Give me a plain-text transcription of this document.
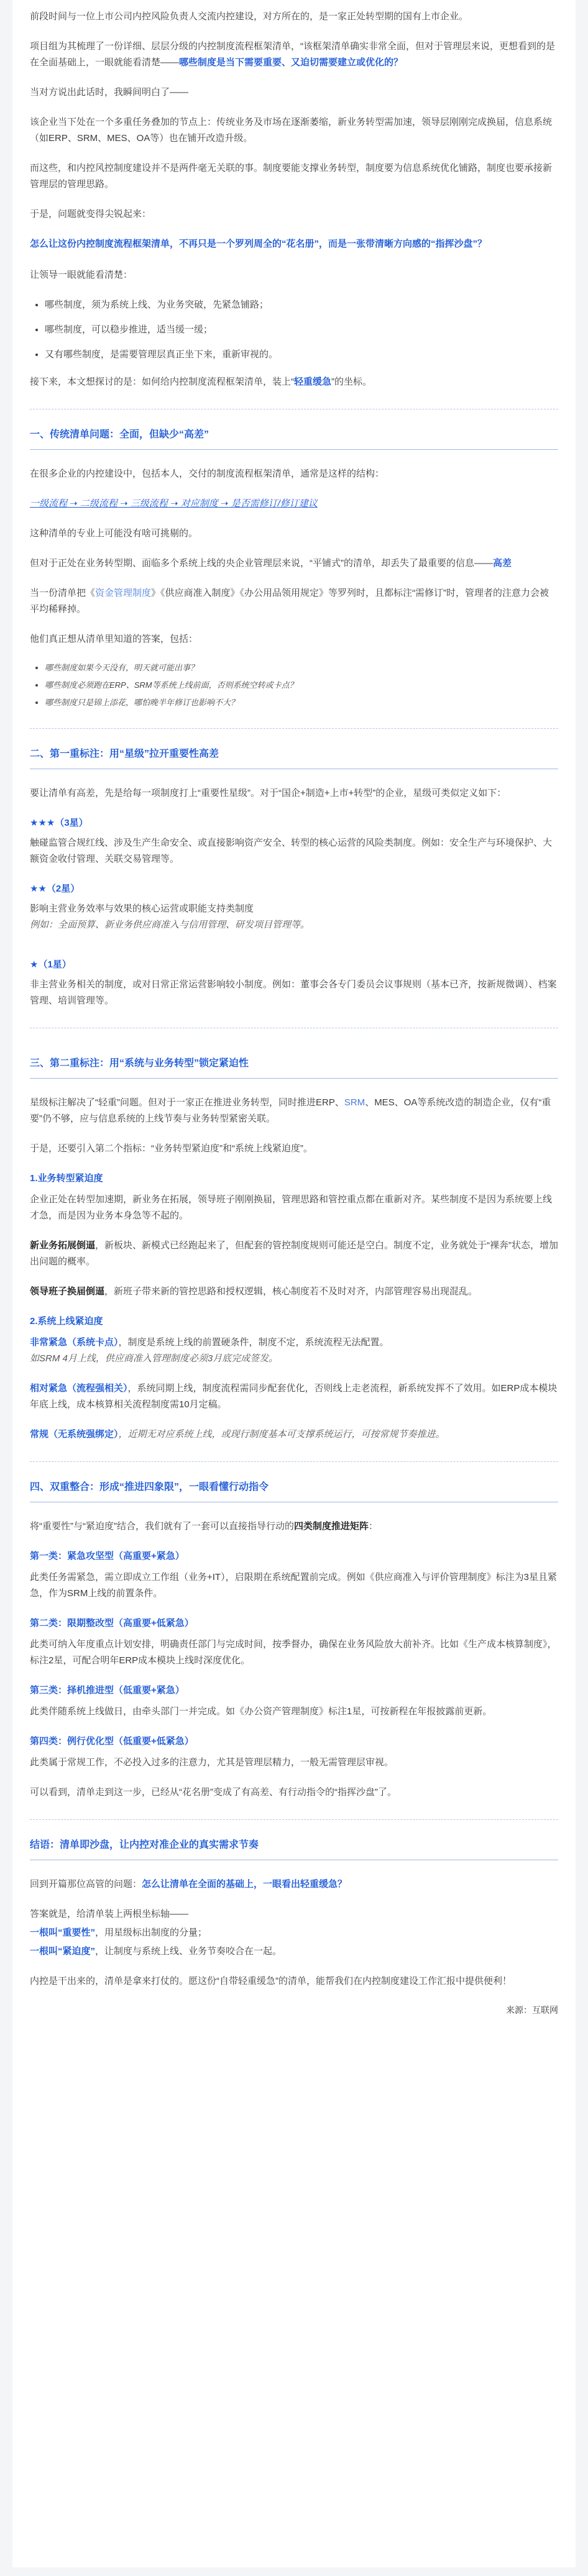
前段时间与一位上市公司内控风险负责人交流内控建设，对方所在的，是一家正处转型期的国有上市企业。

项目组为其梳理了一份详细、层层分级的内控制度流程框架清单，“该框架清单确实非常全面，但对于管理层来说，更想看到的是在全面基础上，一眼就能看清楚——哪些制度是当下需要重要、又迫切需要建立或优化的？

当对方说出此话时，我瞬间明白了——

该企业当下处在一个多重任务叠加的节点上：传统业务及市场在逐渐萎缩，新业务转型需加速，领导层刚刚完成换届，信息系统（如ERP、SRM、MES、OA等）也在铺开改造升级。

而这些，和内控风控制度建设并不是两件毫无关联的事。制度要能支撑业务转型，制度要为信息系统优化铺路，制度也要承接新管理层的管理思路。

于是，问题就变得尖锐起来：

怎么让这份内控制度流程框架清单，不再只是一个罗列周全的“花名册”，而是一张带清晰方向感的“指挥沙盘”？

让领导一眼就能看清楚：

• 哪些制度，须为系统上线、为业务突破，先紧急铺路；
• 哪些制度，可以稳步推进，适当缓一缓；
• 又有哪些制度，是需要管理层真正坐下来，重新审视的。

接下来，本文想探讨的是：如何给内控制度流程框架清单，装上“轻重缓急”的坐标。

一、传统清单问题：全面，但缺少“高差”

在很多企业的内控建设中，包括本人，交付的制度流程框架清单，通常是这样的结构：

一级流程 ➝ 二级流程 ➝ 三级流程 ➝ 对应制度 ➝ 是否需修订/修订建议

这种清单的专业上可能没有啥可挑剔的。

但对于正处在业务转型期、面临多个系统上线的央企业管理层来说，“平铺式”的清单，却丢失了最重要的信息——高差

当一份清单把《资金管理制度》《供应商准入制度》《办公用品领用规定》等罗列时，且都标注“需修订”时，管理者的注意力会被平均稀释掉。

他们真正想从清单里知道的答案，包括：

• 哪些制度如果今天没有，明天就可能出事？
• 哪些制度必须跑在ERP、SRM等系统上线前面，否则系统空转或卡点？
• 哪些制度只是锦上添花，哪怕晚半年修订也影响不大？
二、第一重标注：用“星级”拉开重要性高差

要让清单有高差，先是给每一项制度打上“重要性星级”。对于“国企+制造+上市+转型”的企业，星级可类似定义如下：

★★★（3星）

触碰监管合规红线、涉及生产生命安全、或直接影响资产安全、转型的核心运营的风险类制度。例如：安全生产与环境保护、大额资金收付管理、关联交易管理等。

★★（2星）

影响主营业务效率与效果的核心运营或职能支持类制度
例如：全面预算、新业务供应商准入与信用管理、研发项目管理等。

★（1星）

非主营业务相关的制度，或对日常正常运营影响较小制度。例如：董事会各专门委员会议事规则（基本已齐，按新规微调）、档案管理、培训管理等。

三、第二重标注：用“系统与业务转型”锁定紧迫性

星级标注解决了“轻重”问题。但对于一家正在推进业务转型，同时推进ERP、SRM、MES、OA等系统改造的制造企业，仅有“重要”仍不够，应与信息系统的上线节奏与业务转型紧密关联。

于是，还要引入第二个指标：“业务转型紧迫度”和“系统上线紧迫度”。

1.业务转型紧迫度

企业正处在转型加速期，新业务在拓展，领导班子刚刚换届，管理思路和管控重点都在重新对齐。某些制度不是因为系统要上线才急，而是因为业务本身急等不起的。

新业务拓展倒逼，新板块、新模式已经跑起来了，但配套的管控制度规则可能还是空白。制度不定，业务就处于“裸奔”状态，增加出问题的概率。

领导班子换届倒逼，新班子带来新的管控思路和授权逻辑，核心制度若不及时对齐，内部管理容易出现混乱。

2.系统上线紧迫度

非常紧急（系统卡点），制度是系统上线的前置硬条件，制度不定，系统流程无法配置。
如SRM 4月上线，供应商准入管理制度必须3月底完成签发。

相对紧急（流程强相关），系统同期上线，制度流程需同步配套优化，否则线上走老流程，新系统发挥不了效用。如ERP成本模块年底上线，成本核算相关流程制度需10月定稿。

常规（无系统强绑定），近期无对应系统上线，或现行制度基本可支撑系统运行，可按常规节奏推进。

四、双重整合：形成“推进四象限”，一眼看懂行动指令

将“重要性”与“紧迫度”结合，我们就有了一套可以直接指导行动的四类制度推进矩阵：

第一类：紧急攻坚型（高重要+紧急）

此类任务需紧急，需立即成立工作组（业务+IT），启限期在系统配置前完成。例如《供应商准入与评价管理制度》标注为3星且紧急，作为SRM上线的前置条件。

第二类：限期整改型（高重要+低紧急）

此类可纳入年度重点计划安排，明确责任部门与完成时间，按季督办，确保在业务风险放大前补齐。比如《生产成本核算制度》，标注2星，可配合明年ERP成本模块上线时深度优化。

第三类：择机推进型（低重要+紧急）

此类伴随系统上线做日，由牵头部门一并完成。如《办公资产管理制度》标注1星，可按新程在年报披露前更新。

第四类：例行优化型（低重要+低紧急）

此类属于常规工作，不必投入过多的注意力，尤其是管理层精力，一般无需管理层审视。

可以看到，清单走到这一步，已经从“花名册”变成了有高差、有行动指令的“指挥沙盘”了。

结语：清单即沙盘，让内控对准企业的真实需求节奏

回到开篇那位高管的问题：怎么让清单在全面的基础上，一眼看出轻重缓急？

答案就是，给清单装上两根坐标轴——

一根叫“重要性”，用星级标出制度的分量；

一根叫“紧迫度”，让制度与系统上线、业务节奏咬合在一起。

内控是干出来的，清单是拿来打仗的。愿这份“自带轻重缓急”的清单，能帮我们在内控制度建设工作汇报中提供便利！

来源：互联网
